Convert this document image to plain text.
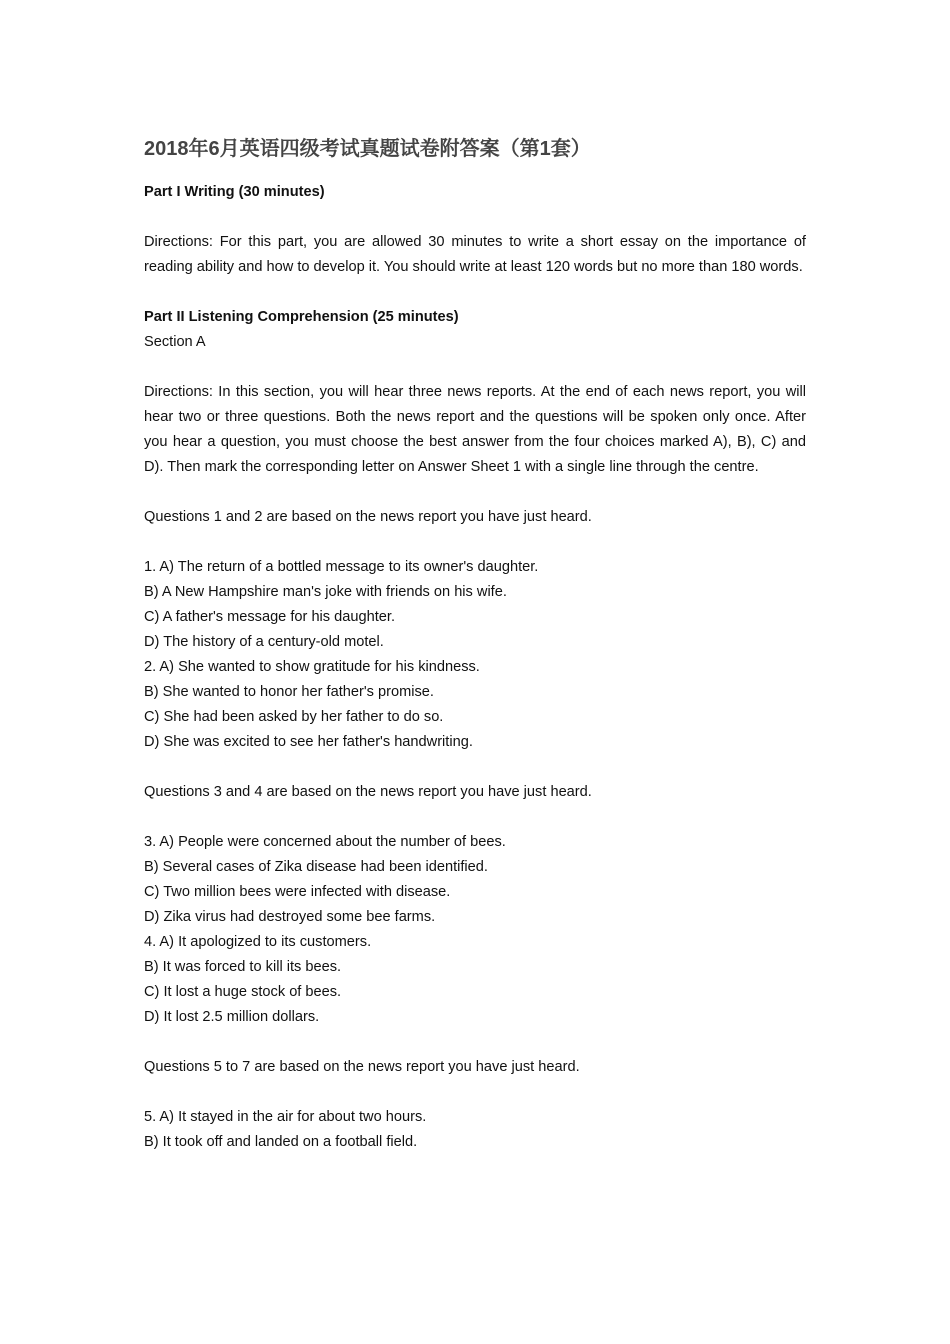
2018年6月英语四级考试真题试卷附答案（第1套）
Part I Writing (30 minutes)

Directions: For this part, you are allowed 30 minutes to write a short essay on the importance of reading ability and how to develop it. You should write at least 120 words but no more than 180 words.

Part II Listening Comprehension (25 minutes)
Section A

Directions: In this section, you will hear three news reports. At the end of each news report, you will hear two or three questions. Both the news report and the questions will be spoken only once. After you hear a question, you must choose the best answer from the four choices marked A), B), C) and D). Then mark the corresponding letter on Answer Sheet 1 with a single line through the centre.

Questions 1 and 2 are based on the news report you have just heard.
1. A) The return of a bottled message to its owner's daughter.
B) A New Hampshire man's joke with friends on his wife.
C) A father's message for his daughter.
D) The history of a century-old motel.
2. A) She wanted to show gratitude for his kindness.
B) She wanted to honor her father's promise.
C) She had been asked by her father to do so.
D) She was excited to see her father's handwriting.
Questions 3 and 4 are based on the news report you have just heard.
3. A) People were concerned about the number of bees.
B) Several cases of Zika disease had been identified.
C) Two million bees were infected with disease.
D) Zika virus had destroyed some bee farms.
4. A) It apologized to its customers.
B) It was forced to kill its bees.
C) It lost a huge stock of bees.
D) It lost 2.5 million dollars.
Questions 5 to 7 are based on the news report you have just heard.
5. A) It stayed in the air for about two hours.
B) It took off and landed on a football field.
